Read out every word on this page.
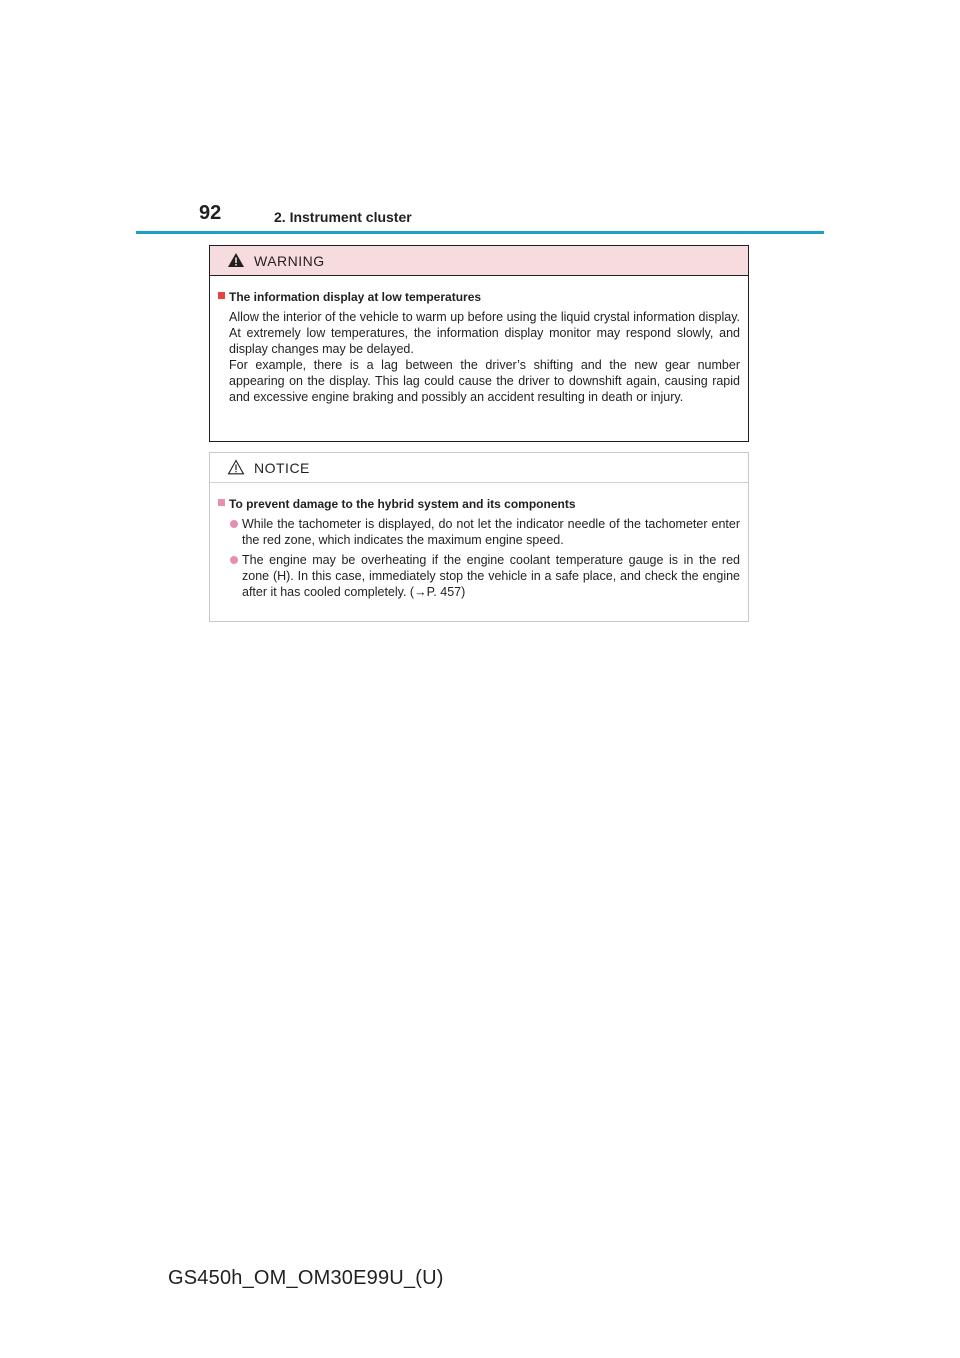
92	2. Instrument cluster
WARNING
The information display at low temperatures
Allow the interior of the vehicle to warm up before using the liquid crystal information display. At extremely low temperatures, the information display monitor may respond slowly, and display changes may be delayed.
For example, there is a lag between the driver’s shifting and the new gear number appearing on the display. This lag could cause the driver to downshift again, causing rapid and excessive engine braking and possibly an accident resulting in death or injury.
NOTICE
To prevent damage to the hybrid system and its components
While the tachometer is displayed, do not let the indicator needle of the tachometer enter the red zone, which indicates the maximum engine speed.
The engine may be overheating if the engine coolant temperature gauge is in the red zone (H). In this case, immediately stop the vehicle in a safe place, and check the engine after it has cooled completely. (→P. 457)
GS450h_OM_OM30E99U_(U)
